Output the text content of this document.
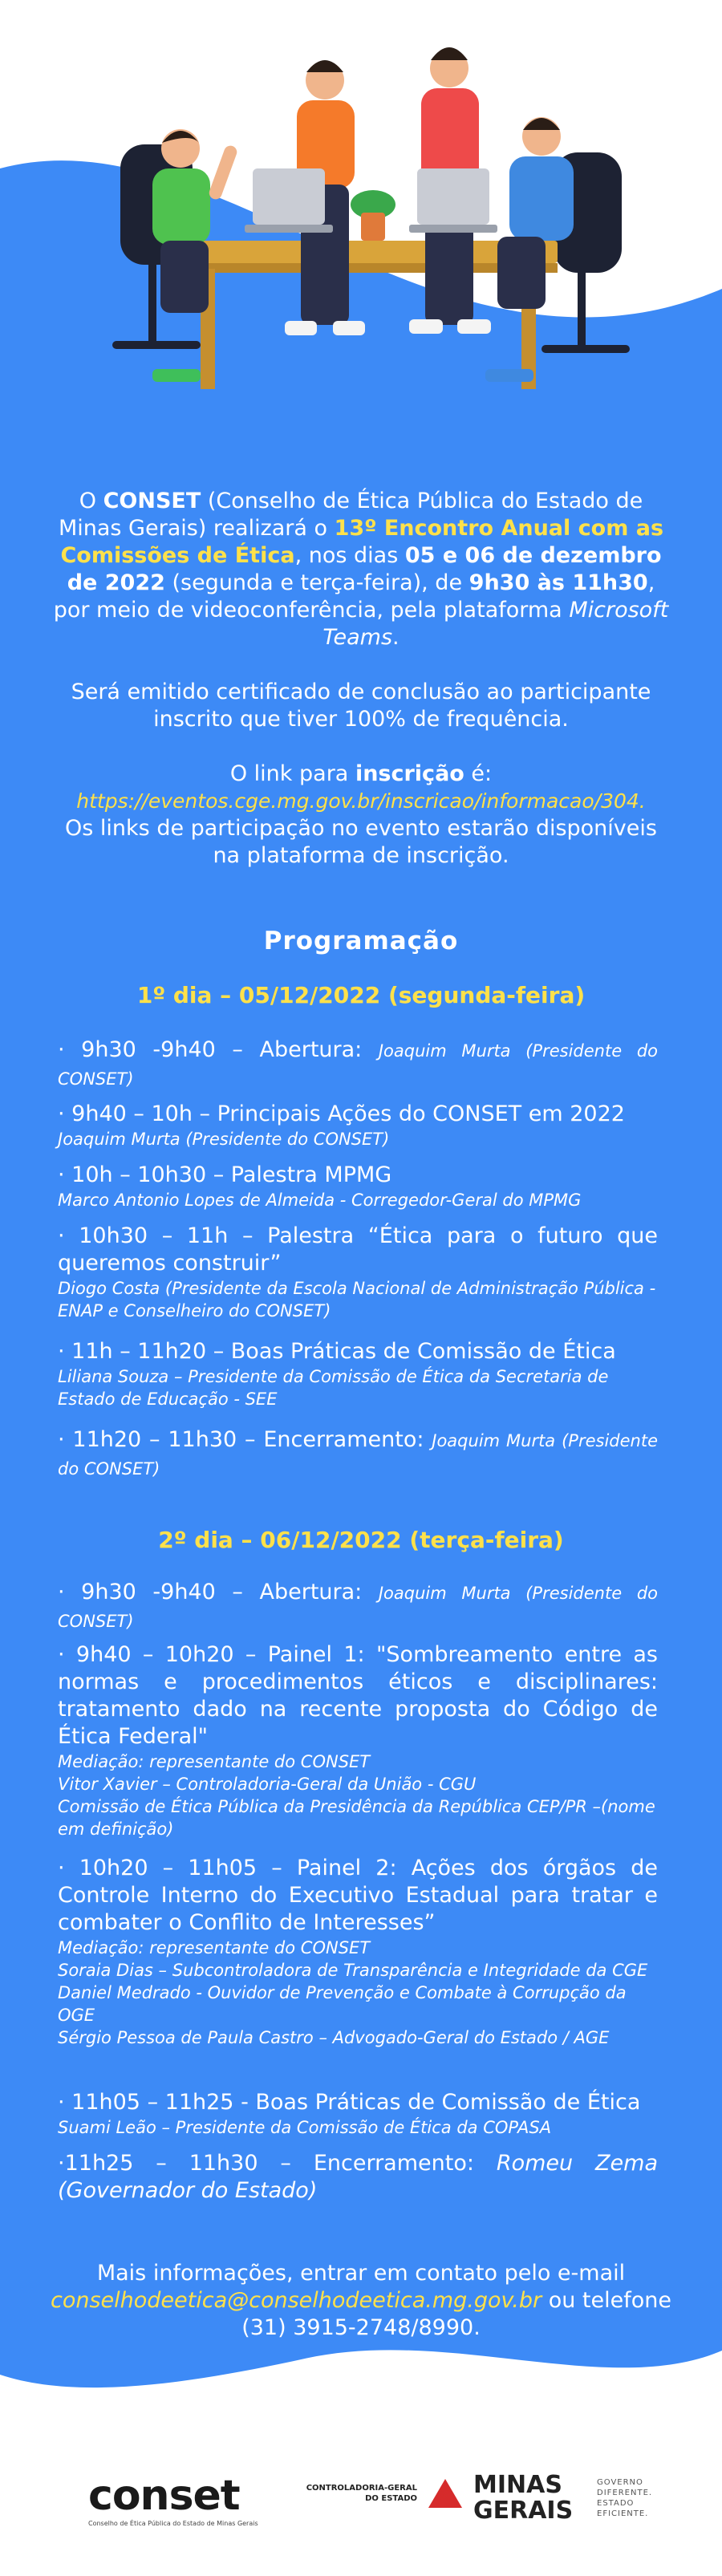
O CONSET (Conselho de Ética Pública do Estado de Minas Gerais) realizará o 13º Encontro Anual com as Comissões de Ética, nos dias 05 e 06 de dezembro de 2022 (segunda e terça-feira), de 9h30 às 11h30, por meio de videoconferência, pela plataforma Microsoft Teams.
Será emitido certificado de conclusão ao participante inscrito que tiver 100% de frequência.
O link para inscrição é:
https://eventos.cge.mg.gov.br/inscricao/informacao/304.
Os links de participação no evento estarão disponíveis na plataforma de inscrição.
Programação
1º dia – 05/12/2022 (segunda-feira)
· 9h30 -9h40 – Abertura: Joaquim Murta (Presidente do CONSET)
· 9h40 – 10h – Principais Ações do CONSET em 2022
Joaquim Murta (Presidente do CONSET)
· 10h – 10h30 – Palestra MPMG
Marco Antonio Lopes de Almeida - Corregedor-Geral do MPMG
· 10h30 – 11h – Palestra “Ética para o futuro que queremos construir”
Diogo Costa (Presidente da Escola Nacional de Administração Pública - ENAP e Conselheiro do CONSET)
· 11h – 11h20 – Boas Práticas de Comissão de Ética
Liliana Souza – Presidente da Comissão de Ética da Secretaria de Estado de Educação - SEE
· 11h20 – 11h30 – Encerramento: Joaquim Murta (Presidente do CONSET)
2º dia – 06/12/2022 (terça-feira)
· 9h30 -9h40 – Abertura: Joaquim Murta (Presidente do CONSET)
· 9h40 – 10h20 – Painel 1: "Sombreamento entre as normas e procedimentos éticos e disciplinares: tratamento dado na recente proposta do Código de Ética Federal"
Mediação: representante do CONSET
Vitor Xavier – Controladoria-Geral da União - CGU
Comissão de Ética Pública da Presidência da República CEP/PR –(nome em definição)
· 10h20 – 11h05 – Painel 2: Ações dos órgãos de Controle Interno do Executivo Estadual para tratar e combater o Conflito de Interesses”
Mediação: representante do CONSET
Soraia Dias – Subcontroladora de Transparência e Integridade da CGE
Daniel Medrado - Ouvidor de Prevenção e Combate à Corrupção da OGE
Sérgio Pessoa de Paula Castro – Advogado-Geral do Estado / AGE
· 11h05 – 11h25 - Boas Práticas de Comissão de Ética
Suami Leão – Presidente da Comissão de Ética da COPASA
·11h25 – 11h30 – Encerramento: Romeu Zema (Governador do Estado)
Mais informações, entrar em contato pelo e-mail conselhodeetica@conselhodeetica.mg.gov.br ou telefone (31) 3915-2748/8990.
conset
Conselho de Ética Pública do Estado de Minas Gerais
CONTROLADORIA-GERAL DO ESTADO MINAS GERAIS
GOVERNO DIFERENTE. ESTADO EFICIENTE.
